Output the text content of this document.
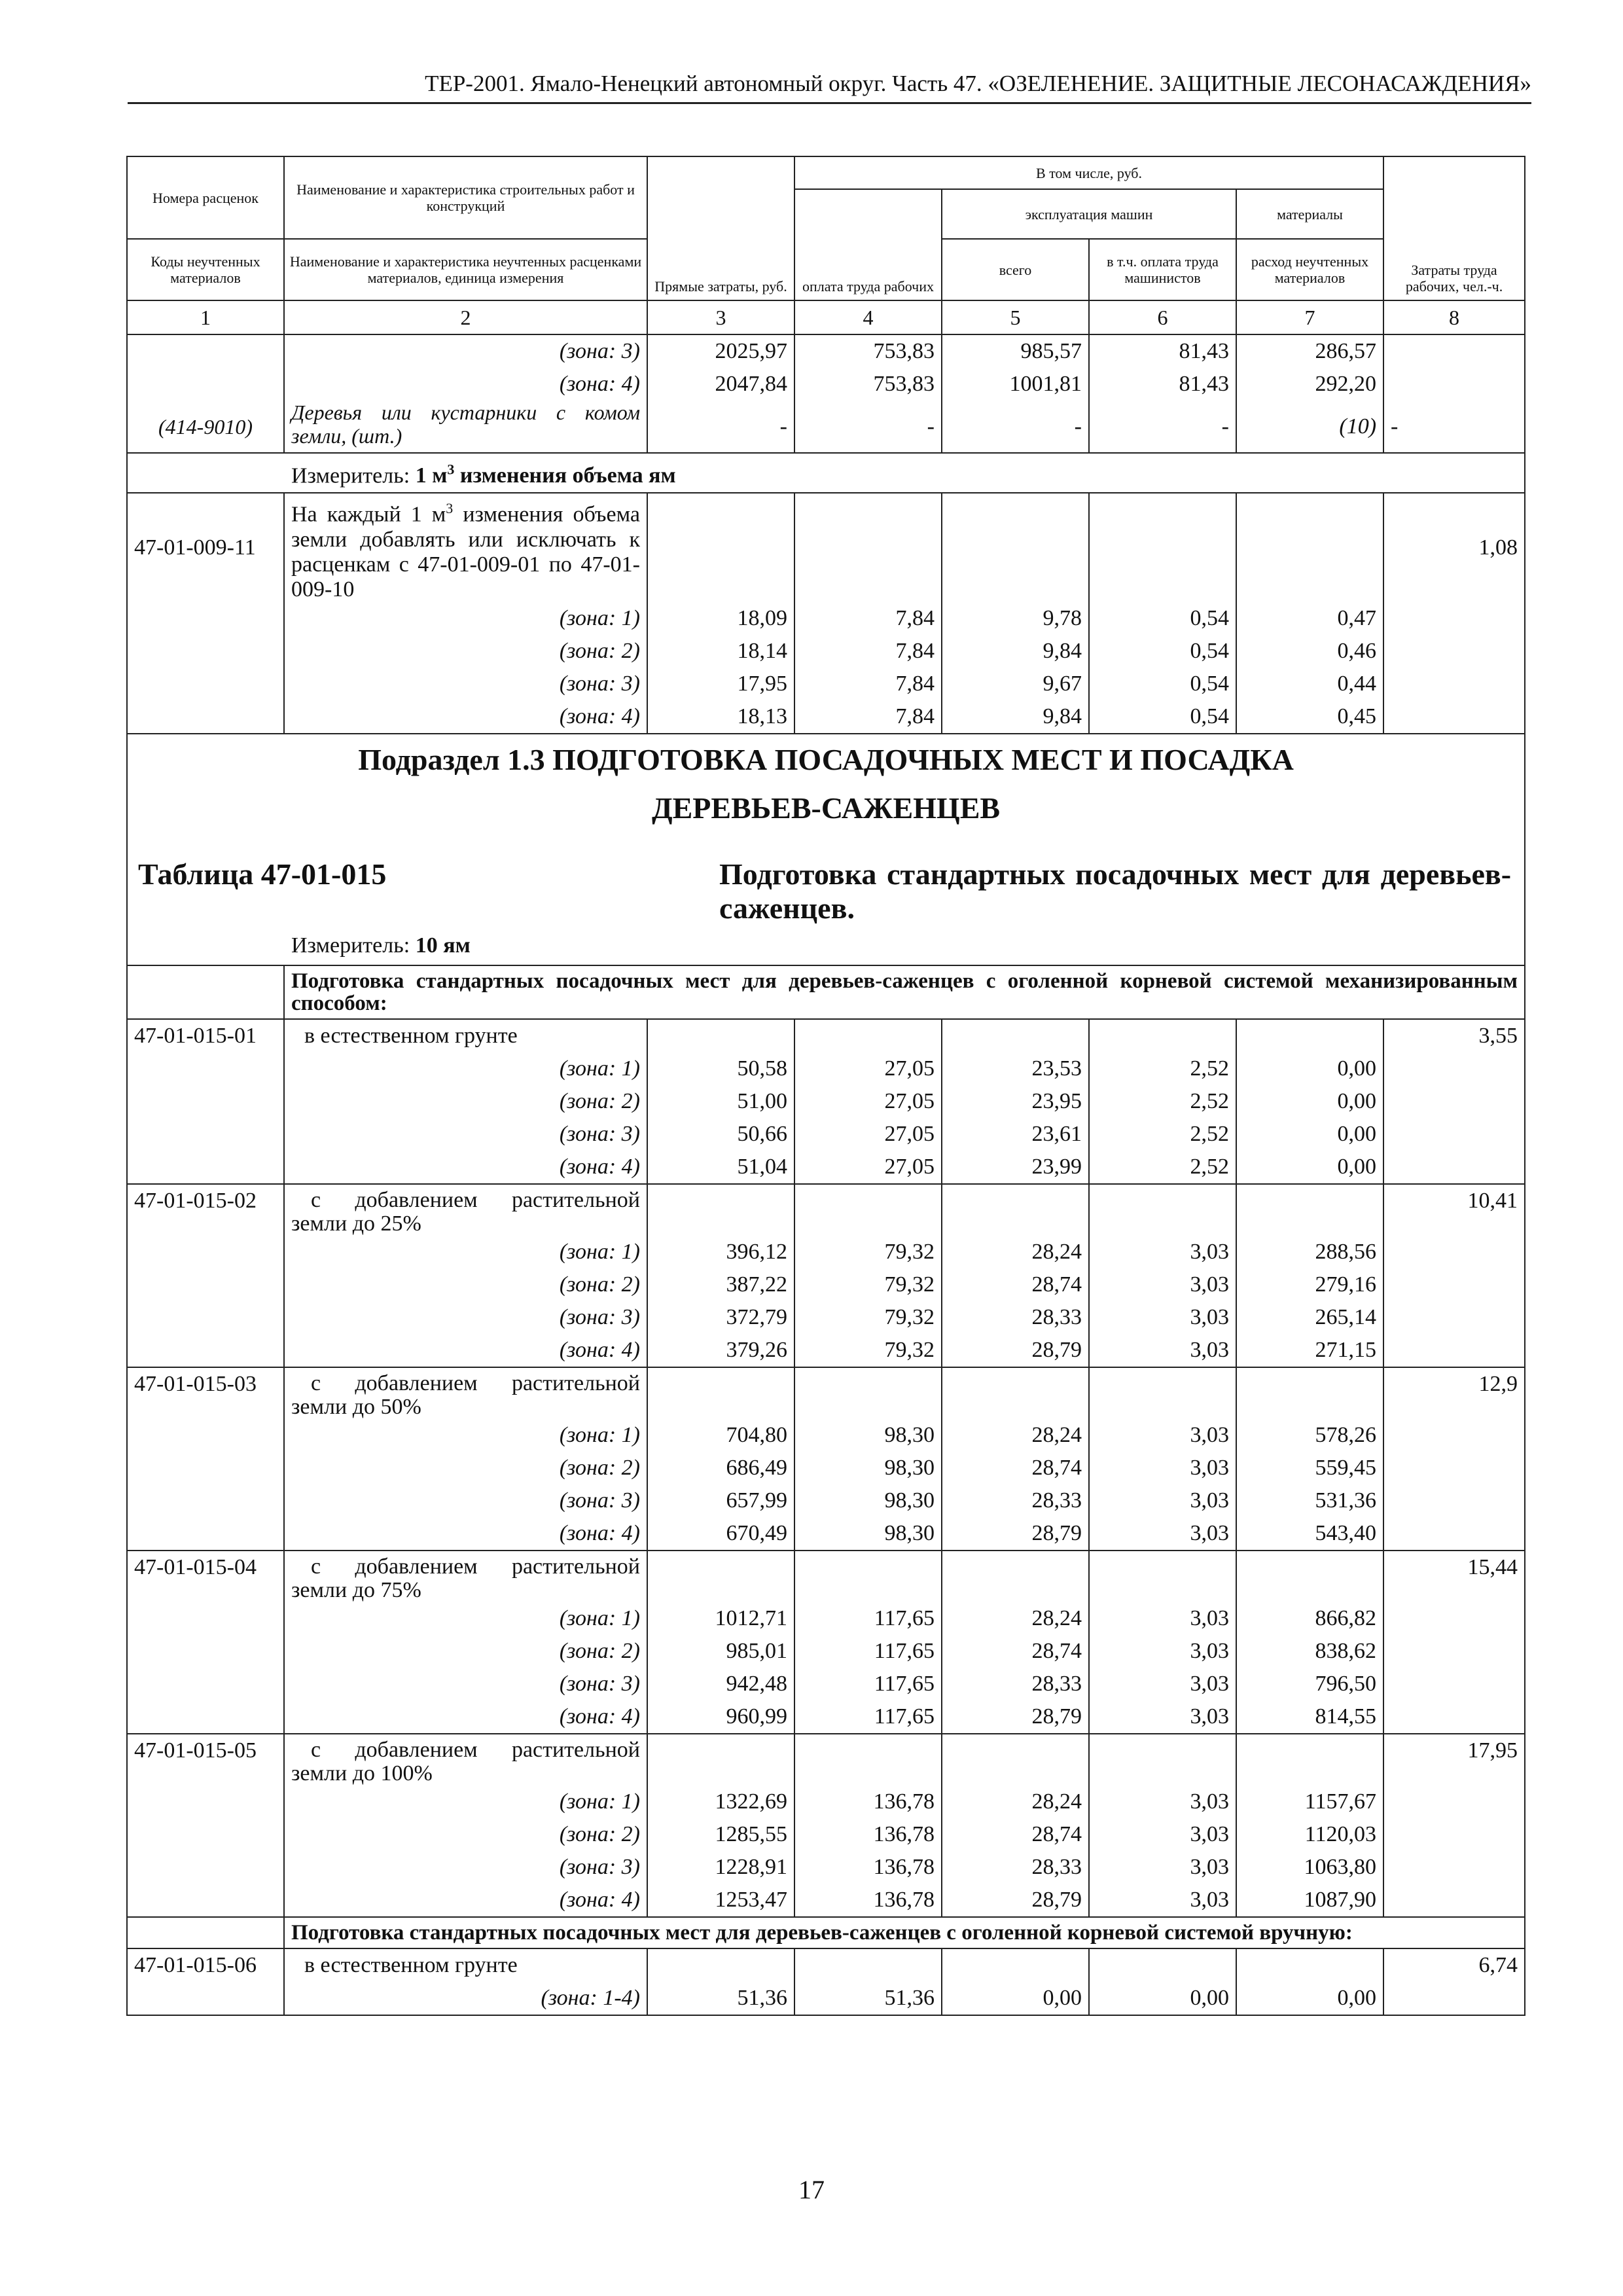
ТЕР-2001. Ямало-Ненецкий автономный округ. Часть 47. «ОЗЕЛЕНЕНИЕ. ЗАЩИТНЫЕ ЛЕСОНАСАЖДЕНИЯ»
Номера расценок	Наименование и характеристика строительных работ и конструкций	Прямые затраты, руб.	В том числе, руб.				Затраты труда рабочих, чел.-ч.
			оплата труда рабочих	эксплуатация машин		материалы	
Коды неучтенных материалов	Наименование и характеристика неучтенных расценками материалов, единица измерения			всего	в т.ч. оплата труда машинистов	расход неучтенных материалов	
1	2	3	4	5	6	7	8
	(зона: 3)	2025,97	753,83	985,57	81,43	286,57	
	(зона: 4)	2047,84	753,83	1001,81	81,43	292,20	
(414-9010)	Деревья или кустарники с комом земли, (шт.)	-	-	-	-	(10)	-
Измеритель: 1 $м^3$ изменения объема ям							
47-01-009-11	На каждый 1 $м^3$ изменения объема земли добавлять или исключать к расценкам с 47-01-009-01 по 47-01-009-10						1,08
	(зона: 1)	18,09	7,84	9,78	0,54	0,47	
	(зона: 2)	18,14	7,84	9,84	0,54	0,46	
	(зона: 3)	17,95	7,84	9,67	0,54	0,44	
	(зона: 4)	18,13	7,84	9,84	0,54	0,45	

Подраздел 1.3 ПОДГОТОВКА ПОСАДОЧНЫХ МЕСТ И ПОСАДКА
ДЕРЕВЬЕВ-САЖЕНЦЕВ
Таблица 47-01-015 Подготовка стандартных посадочных мест для деревьев-саженцев.
Измеритель: 10 ям							

	Подготовка стандартных посадочных мест для деревьев-саженцев с оголенной корневой системой механизированным способом:						
47-01-015-01	в естественном грунте						3,55
	(зона: 1)	50,58	27,05	23,53	2,52	0,00	
	(зона: 2)	51,00	27,05	23,95	2,52	0,00	
	(зона: 3)	50,66	27,05	23,61	2,52	0,00	
	(зона: 4)	51,04	27,05	23,99	2,52	0,00	
47-01-015-02	с добавлением растительной земли до 25%						10,41
	(зона: 1)	396,12	79,32	28,24	3,03	288,56	
	(зона: 2)	387,22	79,32	28,74	3,03	279,16	
	(зона: 3)	372,79	79,32	28,33	3,03	265,14	
	(зона: 4)	379,26	79,32	28,79	3,03	271,15	
47-01-015-03	с добавлением растительной земли до 50%						12,9
	(зона: 1)	704,80	98,30	28,24	3,03	578,26	
	(зона: 2)	686,49	98,30	28,74	3,03	559,45	
	(зона: 3)	657,99	98,30	28,33	3,03	531,36	
	(зона: 4)	670,49	98,30	28,79	3,03	543,40	
47-01-015-04	с добавлением растительной земли до 75%						15,44
	(зона: 1)	1012,71	117,65	28,24	3,03	866,82	
	(зона: 2)	985,01	117,65	28,74	3,03	838,62	
	(зона: 3)	942,48	117,65	28,33	3,03	796,50	
	(зона: 4)	960,99	117,65	28,79	3,03	814,55	
47-01-015-05	с добавлением растительной земли до 100%						17,95
	(зона: 1)	1322,69	136,78	28,24	3,03	1157,67	
	(зона: 2)	1285,55	136,78	28,74	3,03	1120,03	
	(зона: 3)	1228,91	136,78	28,33	3,03	1063,80	
	(зона: 4)	1253,47	136,78	28,79	3,03	1087,90	
	Подготовка стандартных посадочных мест для деревьев-саженцев с оголенной корневой системой вручную:						
47-01-015-06	в естественном грунте						6,74
	(зона: 1-4)	51,36	51,36	0,00	0,00	0,00	
17
